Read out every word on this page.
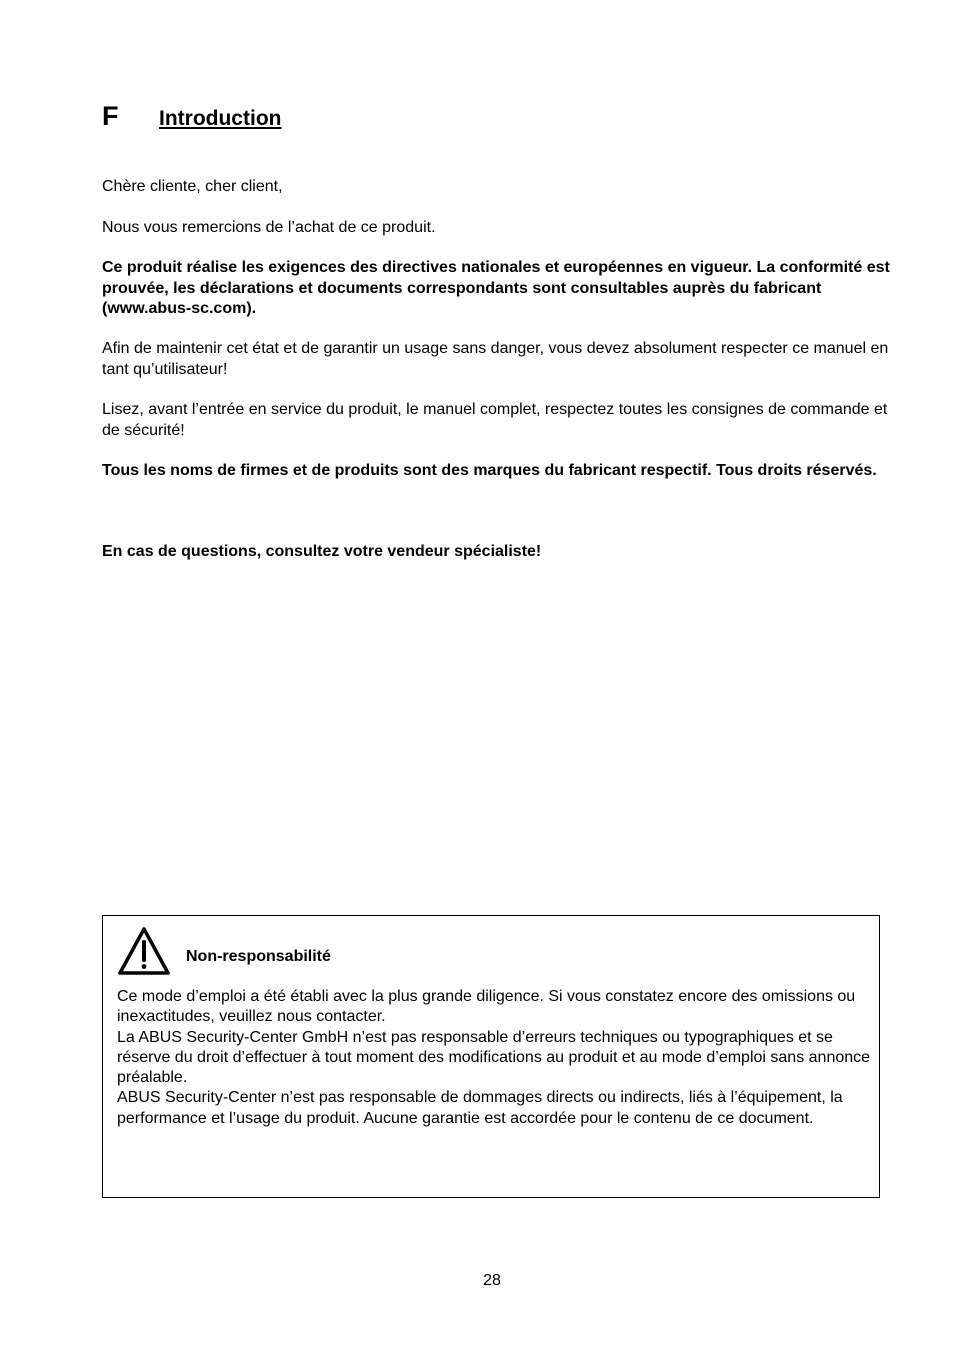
F Introduction

Chère cliente, cher client,

Nous vous remercions de l’achat de ce produit.

Ce produit réalise les exigences des directives nationales et européennes en vigueur. La conformité est prouvée, les déclarations et documents correspondants sont consultables auprès du fabricant (www.abus-sc.com).

Afin de maintenir cet état et de garantir un usage sans danger, vous devez absolument respecter ce manuel en tant qu’utilisateur!

Lisez, avant l’entrée en service du produit, le manuel complet, respectez toutes les consignes de commande et de sécurité!

Tous les noms de firmes et de produits sont des marques du fabricant respectif. Tous droits réservés.

En cas de questions, consultez votre vendeur spécialiste!

Non-responsabilité
Ce mode d’emploi a été établi avec la plus grande diligence. Si vous constatez encore des omissions ou inexactitudes, veuillez nous contacter.
La ABUS Security-Center GmbH n’est pas responsable d’erreurs techniques ou typographiques et se réserve du droit d’effectuer à tout moment des modifications au produit et au mode d’emploi sans annonce préalable.
ABUS Security-Center n’est pas responsable de dommages directs ou indirects, liés à l’équipement, la performance et l’usage du produit. Aucune garantie est accordée pour le contenu de ce document.
28
